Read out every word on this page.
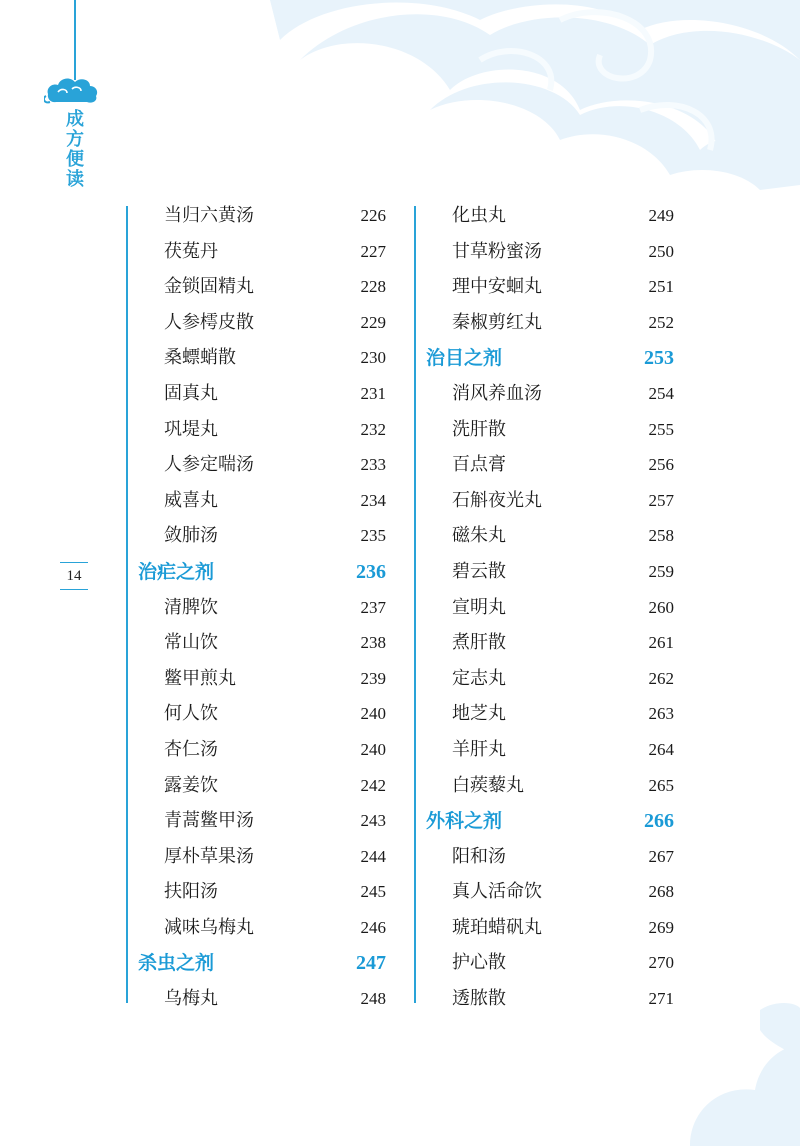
成方便读
14
当归六黄汤	226
茯菟丹	227
金锁固精丸	228
人参樗皮散	229
桑螵蛸散	230
固真丸	231
巩堤丸	232
人参定喘汤	233
威喜丸	234
敛肺汤	235
治疟之剂	236
清脾饮	237
常山饮	238
鳖甲煎丸	239
何人饮	240
杏仁汤	240
露姜饮	242
青蒿鳖甲汤	243
厚朴草果汤	244
扶阳汤	245
减味乌梅丸	246
杀虫之剂	247
乌梅丸	248
化虫丸	249
甘草粉蜜汤	250
理中安蛔丸	251
秦椒剪红丸	252
治目之剂	253
消风养血汤	254
洗肝散	255
百点膏	256
石斛夜光丸	257
磁朱丸	258
碧云散	259
宣明丸	260
煮肝散	261
定志丸	262
地芝丸	263
羊肝丸	264
白蒺藜丸	265
外科之剂	266
阳和汤	267
真人活命饮	268
琥珀蜡矾丸	269
护心散	270
透脓散	271
